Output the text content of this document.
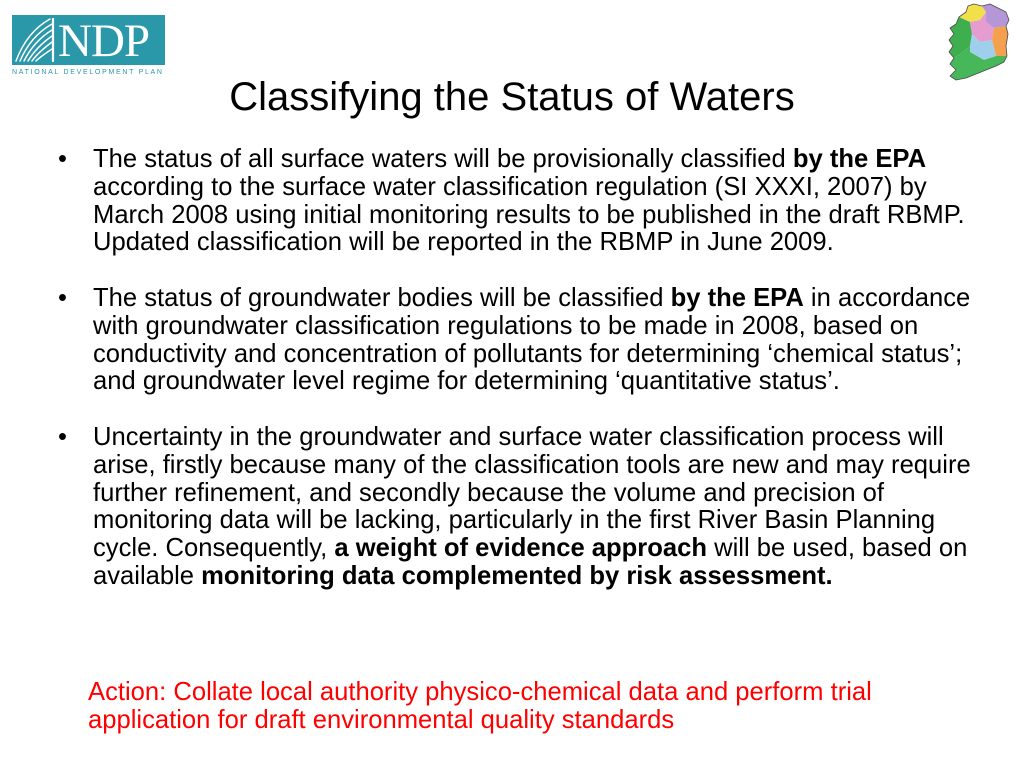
NDP
NATIONAL DEVELOPMENT PLAN
Classifying the Status of Waters
• The status of all surface waters will be provisionally classified by the EPA
according to the surface water classification regulation (SI XXXI, 2007) by
March 2008 using initial monitoring results to be published in the draft RBMP.
Updated classification will be reported in the RBMP in June 2009.
• The status of groundwater bodies will be classified by the EPA in accordance
with groundwater classification regulations to be made in 2008, based on
conductivity and concentration of pollutants for determining ‘chemical status’;
and groundwater level regime for determining ‘quantitative status’.
• Uncertainty in the groundwater and surface water classification process will
arise, firstly because many of the classification tools are new and may require
further refinement, and secondly because the volume and precision of
monitoring data will be lacking, particularly in the first River Basin Planning
cycle. Consequently, a weight of evidence approach will be used, based on
available monitoring data complemented by risk assessment.
Action: Collate local authority physico-chemical data and perform trial
application for draft environmental quality standards
